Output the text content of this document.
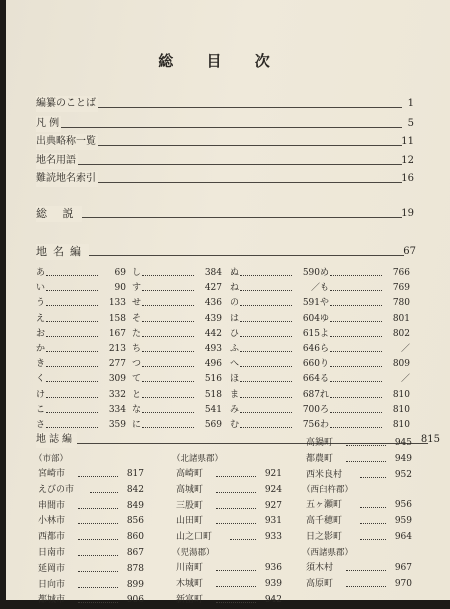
総 目 次
編纂のことば	1
凡 例	5
出典略称一覧	11
地名用語	12
難読地名索引	16
総 説	19
地名編	67
あ	69
い	90
う	133
え	158
お	167
か	213
き	277
く	309
け	332
こ	334
さ	359
し	384
す	427
せ	436
そ	439
た	442
ち	493
つ	496
て	516
と	518
な	541
に	569
ぬ	590
ね	／
の	591
は	604
ひ	615
ふ	646
へ	660
ほ	664
ま	687
み	700
む	756
め	766
も	769
や	780
ゆ	801
よ	802
ら	／
り	809
る	／
れ	810
ろ	810
わ	810
地誌編	815
（市部）
宮崎市	817
えびの市	842
串間市	849
小林市	856
西都市	860
日南市	867
延岡市	878
日向市	899
都城市	906
（北諸県郡）
高崎町	921
高城町	924
三股町	927
山田町	931
山之口町	933
（児湯郡）
川南町	936
木城町	939
新富町	942
高鍋町	945
都農町	949
西米良村	952
（西臼杵郡）
五ヶ瀬町	956
高千穂町	959
日之影町	964
（西諸県郡）
須木村	967
高原町	970
